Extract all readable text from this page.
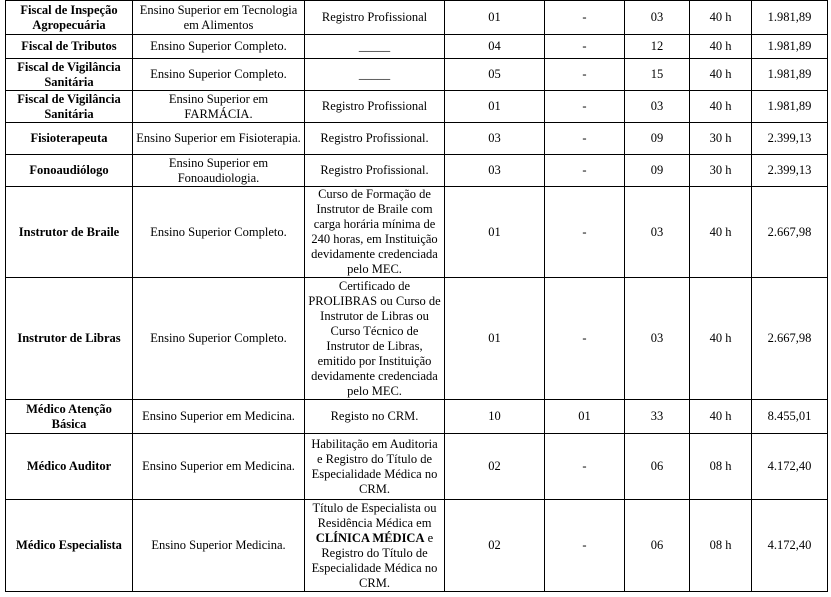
Fiscal de Inspeção Agropecuária	Ensino Superior em Tecnologia em Alimentos	Registro Profissional	01	-	03	40 h	1.981,89
Fiscal de Tributos	Ensino Superior Completo.	_____	04	-	12	40 h	1.981,89
Fiscal de Vigilância Sanitária	Ensino Superior Completo.	_____	05	-	15	40 h	1.981,89
Fiscal de Vigilância Sanitária	Ensino Superior em FARMÁCIA.	Registro Profissional	01	-	03	40 h	1.981,89
Fisioterapeuta	Ensino Superior em Fisioterapia.	Registro Profissional.	03	-	09	30 h	2.399,13
Fonoaudiólogo	Ensino Superior em Fonoaudiologia.	Registro Profissional.	03	-	09	30 h	2.399,13
Instrutor de Braile	Ensino Superior Completo.	Curso de Formação de Instrutor de Braile com carga horária mínima de 240 horas, em Instituição devidamente credenciada pelo MEC.	01	-	03	40 h	2.667,98
Instrutor de Libras	Ensino Superior Completo.	Certificado de PROLIBRAS ou Curso de Instrutor de Libras ou Curso Técnico de Instrutor de Libras, emitido por Instituição devidamente credenciada pelo MEC.	01	-	03	40 h	2.667,98
Médico Atenção Básica	Ensino Superior em Medicina.	Registo no CRM.	10	01	33	40 h	8.455,01
Médico Auditor	Ensino Superior em Medicina.	Habilitação em Auditoria e Registro do Título de Especialidade Médica no CRM.	02	-	06	08 h	4.172,40
Médico Especialista	Ensino Superior Medicina.	Título de Especialista ou Residência Médica em CLÍNICA MÉDICA e Registro do Título de Especialidade Médica no CRM.	02	-	06	08 h	4.172,40
